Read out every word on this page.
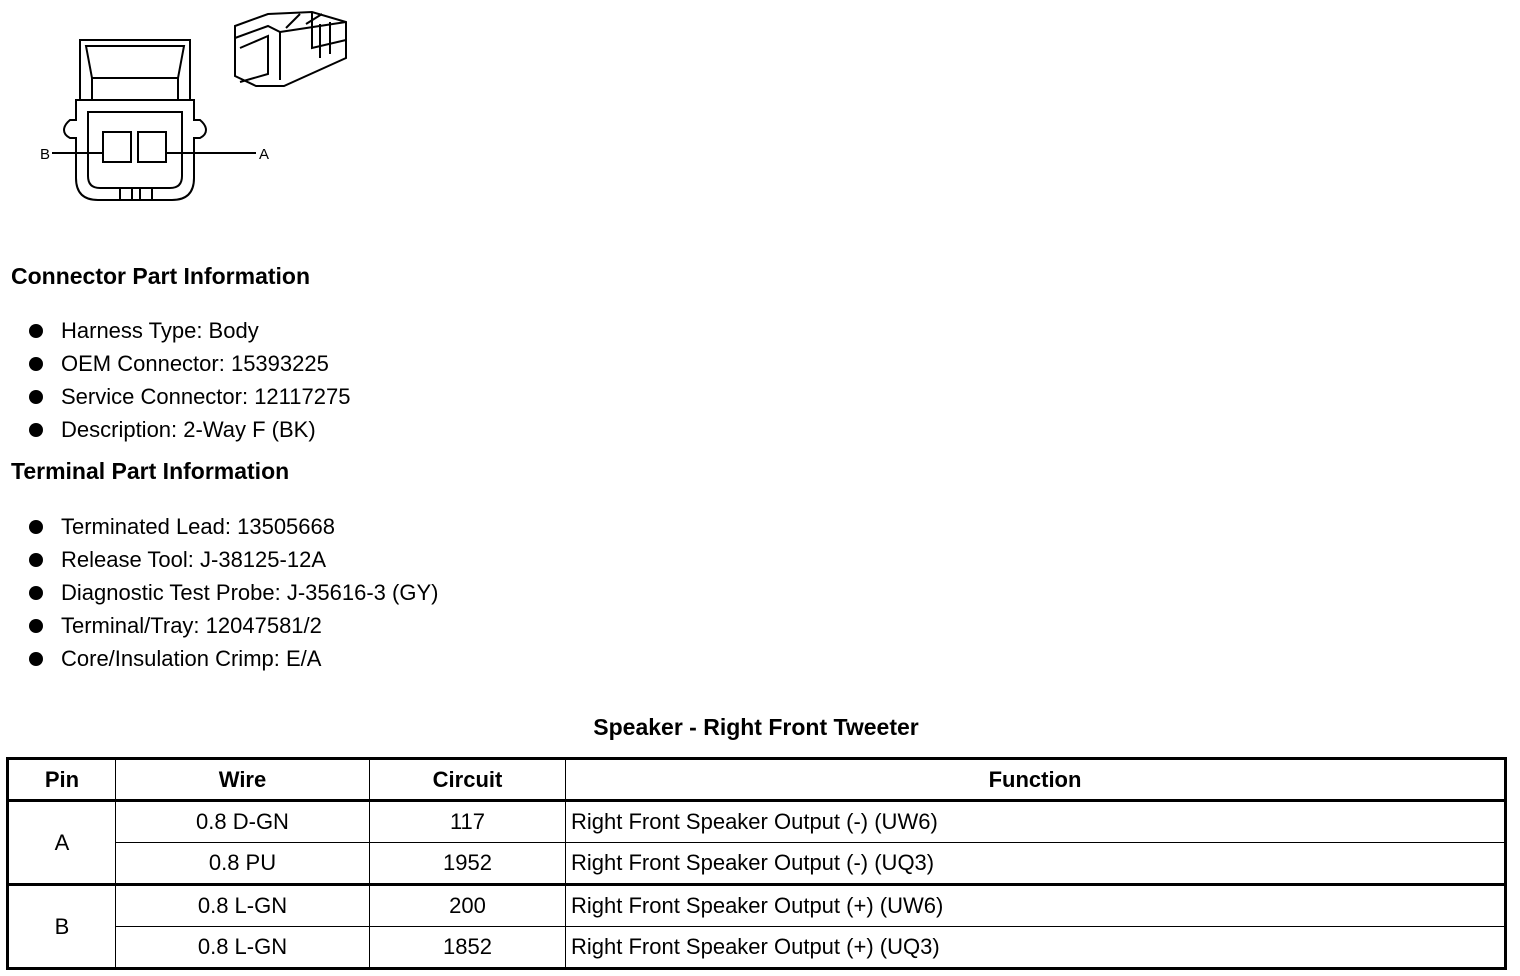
B	A
Connector Part Information
Harness Type: Body
OEM Connector: 15393225
Service Connector: 12117275
Description: 2-Way F (BK)
Terminal Part Information
Terminated Lead: 13505668
Release Tool: J-38125-12A
Diagnostic Test Probe: J-35616-3 (GY)
Terminal/Tray: 12047581/2
Core/Insulation Crimp: E/A
Speaker - Right Front Tweeter
Pin	Wire	Circuit	Function
A	0.8 D-GN	117	Right Front Speaker Output (-) (UW6)
	0.8 PU	1952	Right Front Speaker Output (-) (UQ3)
B	0.8 L-GN	200	Right Front Speaker Output (+) (UW6)
	0.8 L-GN	1852	Right Front Speaker Output (+) (UQ3)
